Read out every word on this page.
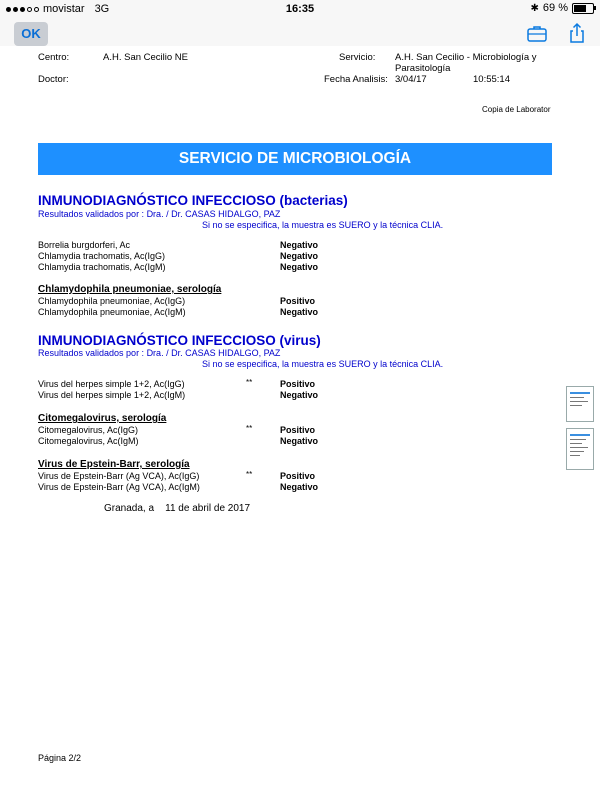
movistar 3G	16:35	✱ 69 %
OK
Centro:	A.H. San Cecilio NE	Servicio: A.H. San Cecilio - Microbiología y
Parasitología
Doctor:	Fecha Analisis: 3/04/17	10:55:14
Copia de Laborator
SERVICIO DE MICROBIOLOGÍA
INMUNODIAGNÓSTICO INFECCIOSO (bacterias)
Resultados validados por : Dra. / Dr. CASAS HIDALGO, PAZ
Si no se especifica, la muestra es SUERO y la técnica CLIA.
Borrelia burgdorferi, Ac	Negativo
Chlamydia trachomatis, Ac(IgG)	Negativo
Chlamydia trachomatis, Ac(IgM)	Negativo
Chlamydophila pneumoniae, serología
Chlamydophila pneumoniae, Ac(IgG)	Positivo
Chlamydophila pneumoniae, Ac(IgM)	Negativo
INMUNODIAGNÓSTICO INFECCIOSO (virus)
Resultados validados por : Dra. / Dr. CASAS HIDALGO, PAZ
Si no se especifica, la muestra es SUERO y la técnica CLIA.
Virus del herpes simple 1+2, Ac(IgG)	**	Positivo
Virus del herpes simple 1+2, Ac(IgM)	Negativo
Citomegalovirus, serología
Citomegalovirus, Ac(IgG)	**	Positivo
Citomegalovirus, Ac(IgM)	Negativo
Virus de Epstein-Barr, serología
Virus de Epstein-Barr (Ag VCA), Ac(IgG)	**	Positivo
Virus de Epstein-Barr (Ag VCA), Ac(IgM)	Negativo
Granada, a    11 de abril de 2017
Página 2/2
